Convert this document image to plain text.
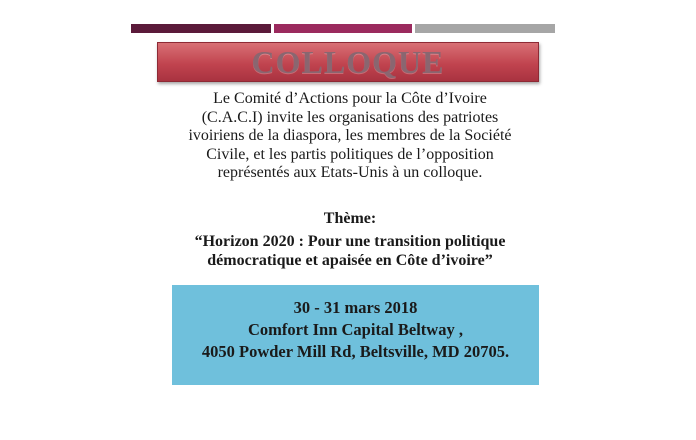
COLLOQUE
Le Comité d’Actions pour la Côte d’Ivoire
(C.A.C.I) invite les organisations des patriotes
ivoiriens de la diaspora, les membres de la Société
Civile, et les partis politiques de l’opposition
représentés aux Etats-Unis à un colloque.
Thème:
“Horizon 2020 : Pour une transition politique
démocratique et apaisée en Côte d’ivoire”
30 - 31 mars 2018
Comfort Inn Capital Beltway ,
4050 Powder Mill Rd, Beltsville, MD 20705.
